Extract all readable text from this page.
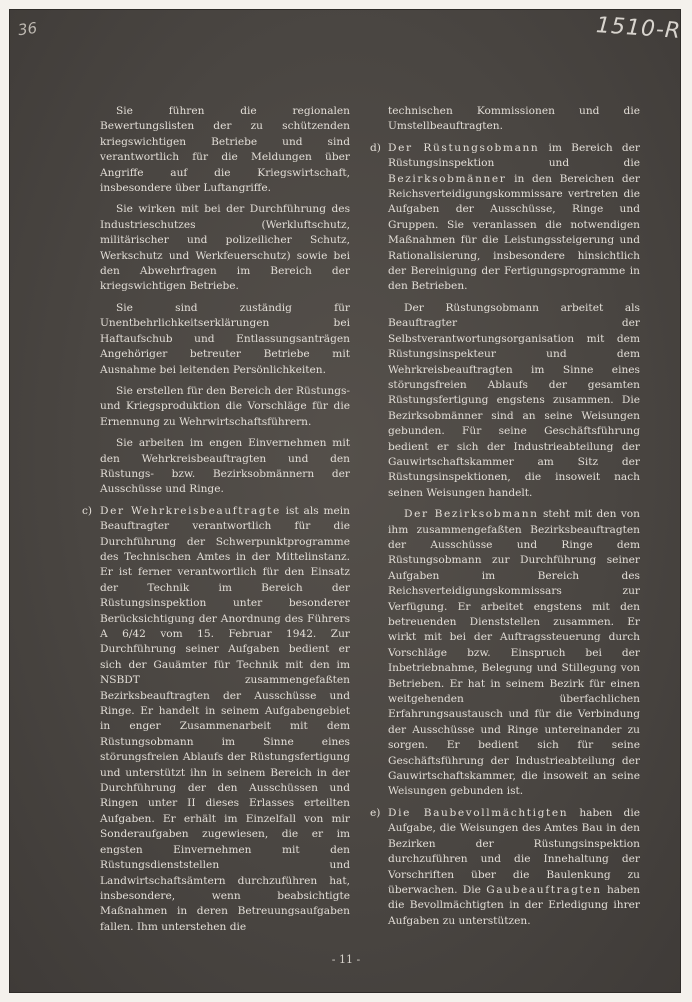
36	1510-R

Sie führen die regionalen Bewertungslisten der zu schützenden kriegswichtigen Betriebe und sind verantwortlich für die Meldungen über Angriffe auf die Kriegswirtschaft, insbesondere über Luftangriffe.

Sie wirken mit bei der Durchführung des Industrieschutzes (Werkluftschutz, militärischer und polizeilicher Schutz, Werkschutz und Werkfeuerschutz) sowie bei den Abwehrfragen im Bereich der kriegswichtigen Betriebe.

Sie sind zuständig für Unentbehrlichkeitserklärungen bei Haftaufschub und Entlassungsanträgen Angehöriger betreuter Betriebe mit Ausnahme bei leitenden Persönlichkeiten.

Sie erstellen für den Bereich der Rüstungs- und Kriegsproduktion die Vorschläge für die Ernennung zu Wehrwirtschaftsführern.

Sie arbeiten im engen Einvernehmen mit den Wehrkreisbeauftragten und den Rüstungs- bzw. Bezirksobmännern der Ausschüsse und Ringe.

c) Der Wehrkreisbeauftragte ist als mein Beauftragter verantwortlich für die Durchführung der Schwerpunktprogramme des Technischen Amtes in der Mittelinstanz. Er ist ferner verantwortlich für den Einsatz der Technik im Bereich der Rüstungsinspektion unter besonderer Berücksichtigung der Anordnung des Führers A 6/42 vom 15. Februar 1942. Zur Durchführung seiner Aufgaben bedient er sich der Gauämter für Technik mit den im NSBDT zusammengefaßten Bezirksbeauftragten der Ausschüsse und Ringe. Er handelt in seinem Aufgabengebiet in enger Zusammenarbeit mit dem Rüstungsobmann im Sinne eines störungsfreien Ablaufs der Rüstungsfertigung und unterstützt ihn in seinem Bereich in der Durchführung der den Ausschüssen und Ringen unter II dieses Erlasses erteilten Aufgaben. Er erhält im Einzelfall von mir Sonderaufgaben zugewiesen, die er im engsten Einvernehmen mit den Rüstungsdienststellen und Landwirtschaftsämtern durchzuführen hat, insbesondere, wenn beabsichtigte Maßnahmen in deren Betreuungsaufgaben fallen. Ihm unterstehen die

technischen Kommissionen und die Umstellbeauftragten.

d) Der Rüstungsobmann im Bereich der Rüstungsinspektion und die Bezirksobmänner in den Bereichen der Reichsverteidigungskommissare vertreten die Aufgaben der Ausschüsse, Ringe und Gruppen. Sie veranlassen die notwendigen Maßnahmen für die Leistungssteigerung und Rationalisierung, insbesondere hinsichtlich der Bereinigung der Fertigungsprogramme in den Betrieben.

Der Rüstungsobmann arbeitet als Beauftragter der Selbstverantwortungsorganisation mit dem Rüstungsinspekteur und dem Wehrkreisbeauftragten im Sinne eines störungsfreien Ablaufs der gesamten Rüstungsfertigung engstens zusammen. Die Bezirksobmänner sind an seine Weisungen gebunden. Für seine Geschäftsführung bedient er sich der Industrieabteilung der Gauwirtschaftskammer am Sitz der Rüstungsinspektionen, die insoweit nach seinen Weisungen handelt.

Der Bezirksobmann steht mit den von ihm zusammengefaßten Bezirksbeauftragten der Ausschüsse und Ringe dem Rüstungsobmann zur Durchführung seiner Aufgaben im Bereich des Reichsverteidigungskommissars zur Verfügung. Er arbeitet engstens mit den betreuenden Dienststellen zusammen. Er wirkt mit bei der Auftragssteuerung durch Vorschläge bzw. Einspruch bei der Inbetriebnahme, Belegung und Stillegung von Betrieben. Er hat in seinem Bezirk für einen weitgehenden überfachlichen Erfahrungsaustausch und für die Verbindung der Ausschüsse und Ringe untereinander zu sorgen. Er bedient sich für seine Geschäftsführung der Industrieabteilung der Gauwirtschaftskammer, die insoweit an seine Weisungen gebunden ist.

e) Die Baubevollmächtigten haben die Aufgabe, die Weisungen des Amtes Bau in den Bezirken der Rüstungsinspektion durchzuführen und die Innehaltung der Vorschriften über die Baulenkung zu überwachen. Die Gaubeauftragten haben die Bevollmächtigten in der Erledigung ihrer Aufgaben zu unterstützen.
- 11 -
